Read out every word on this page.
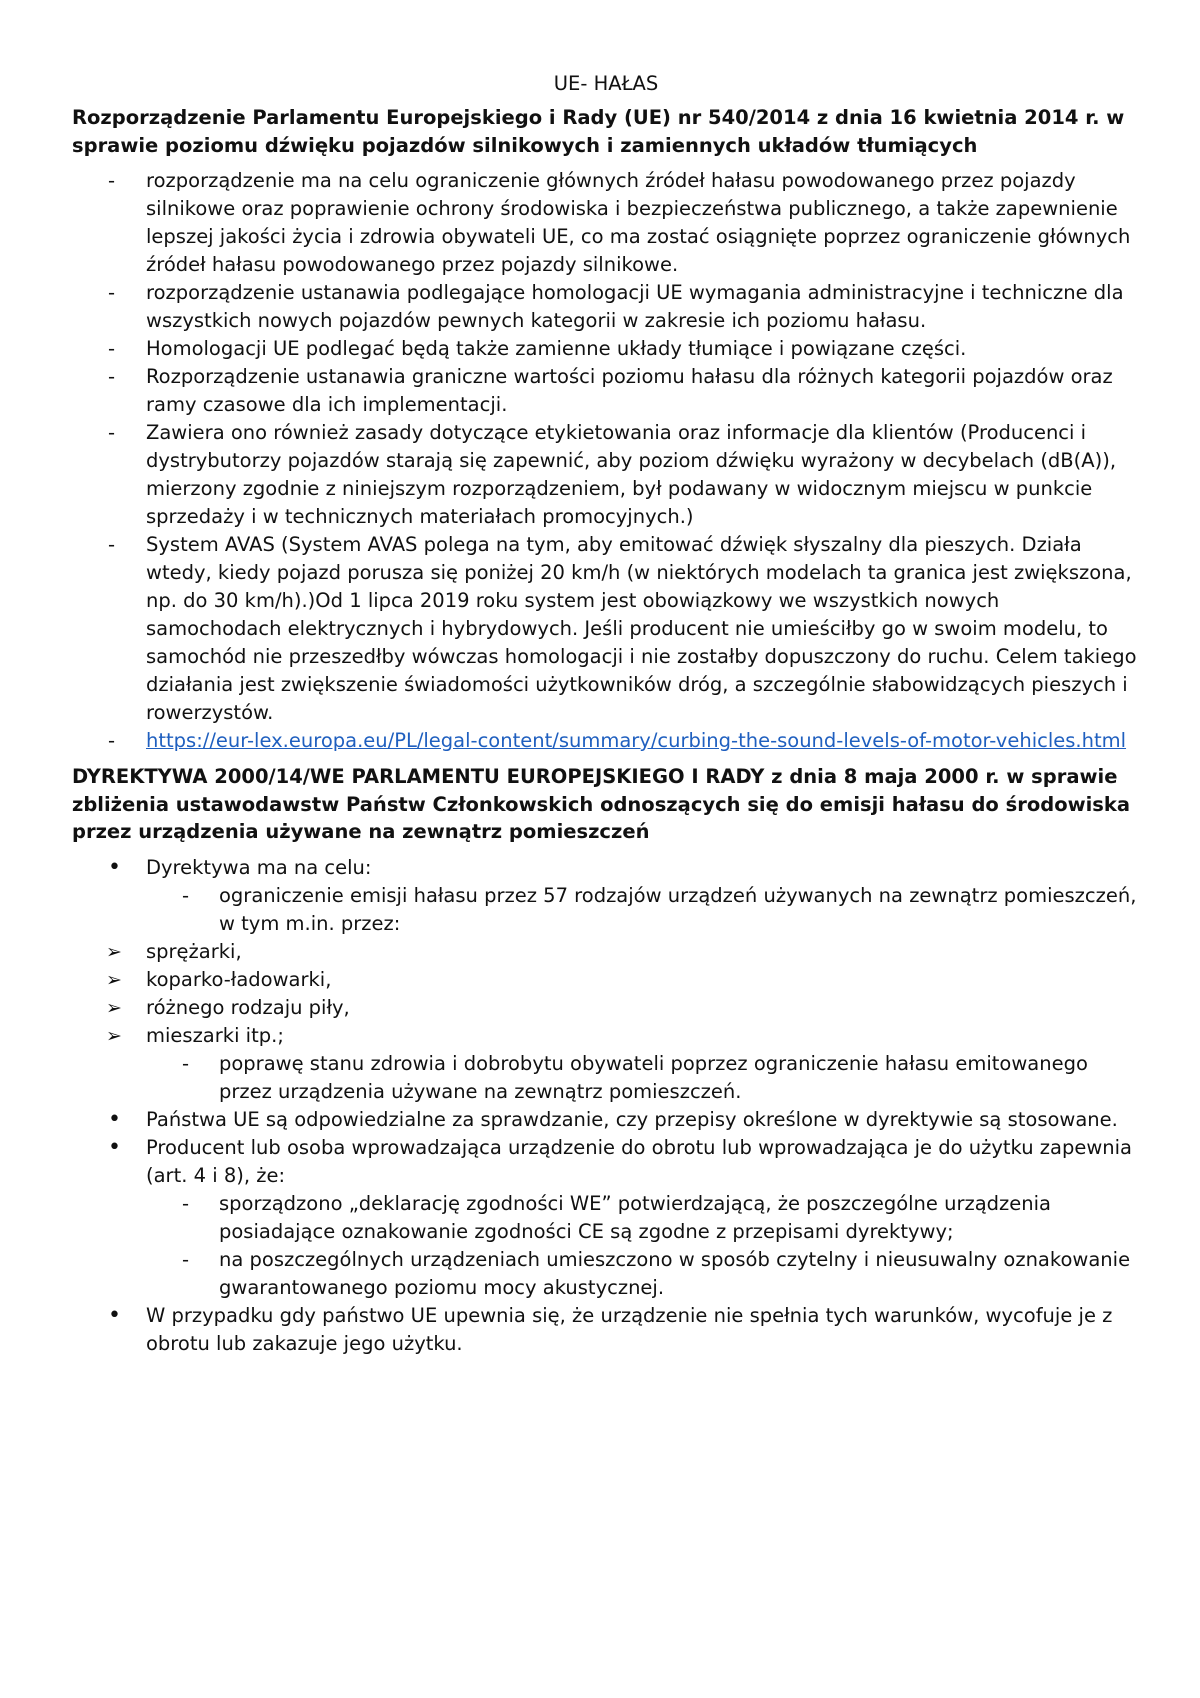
UE- HAŁAS
Rozporządzenie Parlamentu Europejskiego i Rady (UE) nr 540/2014 z dnia 16 kwietnia 2014 r. w sprawie poziomu dźwięku pojazdów silnikowych i zamiennych układów tłumiących
- rozporządzenie ma na celu ograniczenie głównych źródeł hałasu powodowanego przez pojazdy silnikowe oraz poprawienie ochrony środowiska i bezpieczeństwa publicznego, a także zapewnienie lepszej jakości życia i zdrowia obywateli UE, co ma zostać osiągnięte poprzez ograniczenie głównych źródeł hałasu powodowanego przez pojazdy silnikowe.
- rozporządzenie ustanawia podlegające homologacji UE wymagania administracyjne i techniczne dla wszystkich nowych pojazdów pewnych kategorii w zakresie ich poziomu hałasu.
- Homologacji UE podlegać będą także zamienne układy tłumiące i powiązane części.
- Rozporządzenie ustanawia graniczne wartości poziomu hałasu dla różnych kategorii pojazdów oraz ramy czasowe dla ich implementacji.
- Zawiera ono również zasady dotyczące etykietowania oraz informacje dla klientów (Producenci i dystrybutorzy pojazdów starają się zapewnić, aby poziom dźwięku wyrażony w decybelach (dB(A)), mierzony zgodnie z niniejszym rozporządzeniem, był podawany w widocznym miejscu w punkcie sprzedaży i w technicznych materiałach promocyjnych.)
- System AVAS (System AVAS polega na tym, aby emitować dźwięk słyszalny dla pieszych. Działa wtedy, kiedy pojazd porusza się poniżej 20 km/h (w niektórych modelach ta granica jest zwiększona, np. do 30 km/h).)Od 1 lipca 2019 roku system jest obowiązkowy we wszystkich nowych samochodach elektrycznych i hybrydowych. Jeśli producent nie umieściłby go w swoim modelu, to samochód nie przeszedłby wówczas homologacji i nie zostałby dopuszczony do ruchu. Celem takiego działania jest zwiększenie świadomości użytkowników dróg, a szczególnie słabowidzących pieszych i rowerzystów.
- https://eur-lex.europa.eu/PL/legal-content/summary/curbing-the-sound-levels-of-motor-vehicles.html
DYREKTYWA 2000/14/WE PARLAMENTU EUROPEJSKIEGO I RADY z dnia 8 maja 2000 r. w sprawie zbliżenia ustawodawstw Państw Członkowskich odnoszących się do emisji hałasu do środowiska przez urządzenia używane na zewnątrz pomieszczeń
• Dyrektywa ma na celu:
- ograniczenie emisji hałasu przez 57 rodzajów urządzeń używanych na zewnątrz pomieszczeń, w tym m.in. przez:
➢ sprężarki,
➢ koparko-ładowarki,
➢ różnego rodzaju piły,
➢ mieszarki itp.;
- poprawę stanu zdrowia i dobrobytu obywateli poprzez ograniczenie hałasu emitowanego przez urządzenia używane na zewnątrz pomieszczeń.
• Państwa UE są odpowiedzialne za sprawdzanie, czy przepisy określone w dyrektywie są stosowane.
• Producent lub osoba wprowadzająca urządzenie do obrotu lub wprowadzająca je do użytku zapewnia (art. 4 i 8), że:
- sporządzono „deklarację zgodności WE” potwierdzającą, że poszczególne urządzenia posiadające oznakowanie zgodności CE są zgodne z przepisami dyrektywy;
- na poszczególnych urządzeniach umieszczono w sposób czytelny i nieusuwalny oznakowanie gwarantowanego poziomu mocy akustycznej.
• W przypadku gdy państwo UE upewnia się, że urządzenie nie spełnia tych warunków, wycofuje je z obrotu lub zakazuje jego użytku.
